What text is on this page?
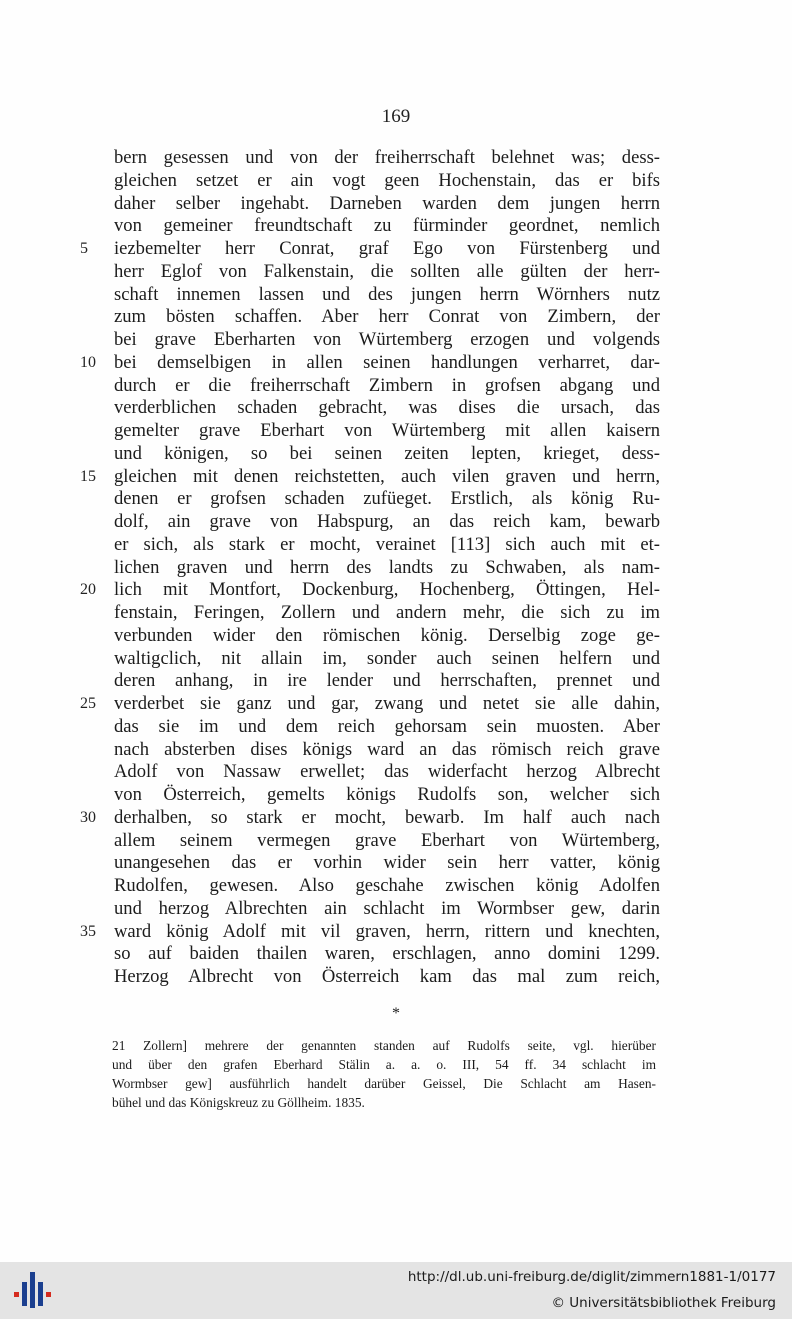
169
bern gesessen und von der freiherrschaft belehnet was; dess-
gleichen setzet er ain vogt geen Hochenstain, das er bifs
daher selber ingehabt. Darneben warden dem jungen herrn
von gemeiner freundtschaft zu fürminder geordnet, nemlich
iezbemelter herr Conrat, graf Ego von Fürstenberg und
5
herr Eglof von Falkenstain, die sollten alle gülten der herr-
schaft innemen lassen und des jungen herrn Wörnhers nutz
zum bösten schaffen. Aber herr Conrat von Zimbern, der
bei grave Eberharten von Würtemberg erzogen und volgends
bei demselbigen in allen seinen handlungen verharret, dar-
10
durch er die freiherrschaft Zimbern in grofsen abgang und
verderblichen schaden gebracht, was dises die ursach, das
gemelter grave Eberhart von Würtemberg mit allen kaisern
und königen, so bei seinen zeiten lepten, krieget, dess-
gleichen mit denen reichstetten, auch vilen graven und herrn,
15
denen er grofsen schaden zufüeget. Erstlich, als könig Ru-
dolf, ain grave von Habspurg, an das reich kam, bewarb
er sich, als stark er mocht, verainet [113] sich auch mit et-
lichen graven und herrn des landts zu Schwaben, als nam-
lich mit Montfort, Dockenburg, Hochenberg, Öttingen, Hel-
20
fenstain, Feringen, Zollern und andern mehr, die sich zu im
verbunden wider den römischen könig. Derselbig zoge ge-
waltigclich, nit allain im, sonder auch seinen helfern und
deren anhang, in ire lender und herrschaften, prennet und
verderbet sie ganz und gar, zwang und netet sie alle dahin,
25
das sie im und dem reich gehorsam sein muosten. Aber
nach absterben dises königs ward an das römisch reich grave
Adolf von Nassaw erwellet; das widerfacht herzog Albrecht
von Österreich, gemelts königs Rudolfs son, welcher sich
derhalben, so stark er mocht, bewarb. Im half auch nach
30
allem seinem vermegen grave Eberhart von Würtemberg,
unangesehen das er vorhin wider sein herr vatter, könig
Rudolfen, gewesen. Also geschahe zwischen könig Adolfen
und herzog Albrechten ain schlacht im Wormbser gew, darin
ward könig Adolf mit vil graven, herrn, rittern und knechten,
35
so auf baiden thailen waren, erschlagen, anno domini 1299.
Herzog Albrecht von Österreich kam das mal zum reich,
*
21 Zollern] mehrere der genannten standen auf Rudolfs seite, vgl. hierüber
und über den grafen Eberhard Stälin a. a. o. III, 54 ff. 34 schlacht im
Wormbser gew] ausführlich handelt darüber Geissel, Die Schlacht am Hasen-
bühel und das Königskreuz zu Göllheim. 1835.
http://dl.ub.uni-freiburg.de/diglit/zimmern1881-1/0177
© Universitätsbibliothek Freiburg
